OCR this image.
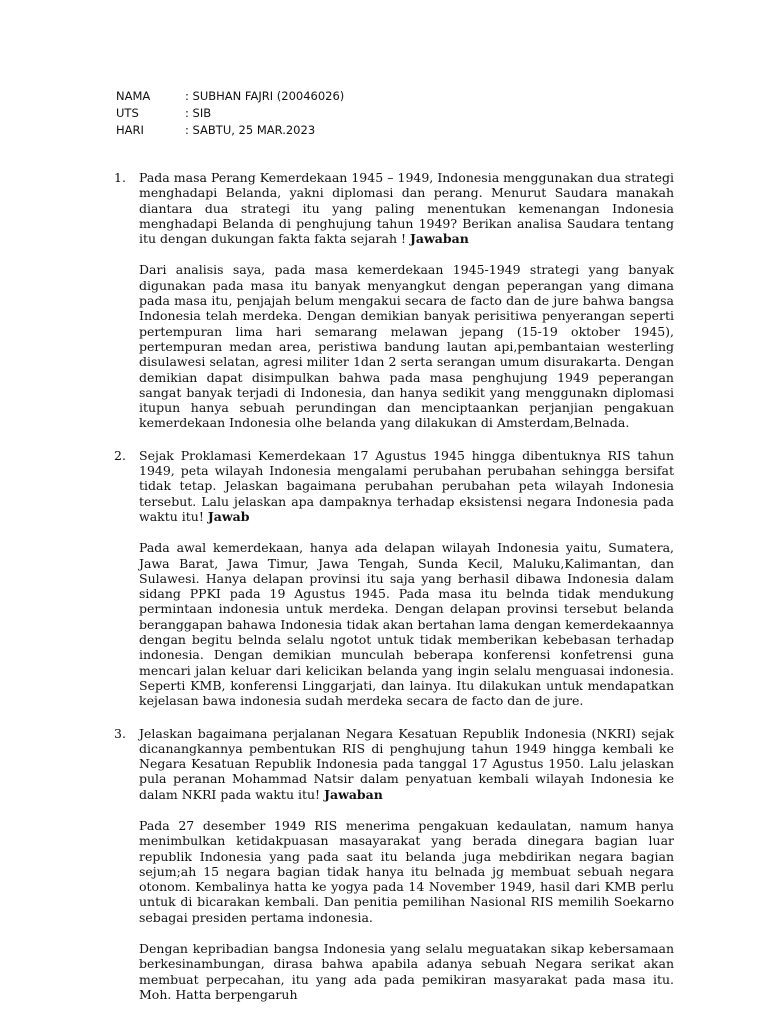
NAMA	: SUBHAN FAJRI (20046026)
UTS	: SIB
HARI	: SABTU, 25 MAR.2023
1. Pada masa Perang Kemerdekaan 1945 – 1949, Indonesia menggunakan dua strategi menghadapi Belanda, yakni diplomasi dan perang. Menurut Saudara manakah diantara dua strategi itu yang paling menentukan kemenangan Indonesia menghadapi Belanda di penghujung tahun 1949? Berikan analisa Saudara tentang itu dengan dukungan fakta fakta sejarah ! Jawaban

Dari analisis saya, pada masa kemerdekaan 1945-1949 strategi yang banyak digunakan pada masa itu banyak menyangkut dengan peperangan yang dimana pada masa itu, penjajah belum mengakui secara de facto dan de jure bahwa bangsa Indonesia telah merdeka. Dengan demikian banyak perisitiwa penyerangan seperti pertempuran lima hari semarang melawan jepang (15-19 oktober 1945), pertempuran medan area, peristiwa bandung lautan api,pembantaian westerling disulawesi selatan, agresi militer 1dan 2 serta serangan umum disurakarta. Dengan demikian dapat disimpulkan bahwa pada masa penghujung 1949 peperangan sangat banyak terjadi di Indonesia, dan hanya sedikit yang menggunakn diplomasi itupun hanya sebuah perundingan dan menciptaankan perjanjian pengakuan kemerdekaan Indonesia olhe belanda yang dilakukan di Amsterdam,Belnada.

2. Sejak Proklamasi Kemerdekaan 17 Agustus 1945 hingga dibentuknya RIS tahun 1949, peta wilayah Indonesia mengalami perubahan perubahan sehingga bersifat tidak tetap. Jelaskan bagaimana perubahan perubahan peta wilayah Indonesia tersebut. Lalu jelaskan apa dampaknya terhadap eksistensi negara Indonesia pada waktu itu! Jawab

Pada awal kemerdekaan, hanya ada delapan wilayah Indonesia yaitu, Sumatera, Jawa Barat, Jawa Timur, Jawa Tengah, Sunda Kecil, Maluku,Kalimantan, dan Sulawesi. Hanya delapan provinsi itu saja yang berhasil dibawa Indonesia dalam sidang PPKI pada 19 Agustus 1945. Pada masa itu belnda tidak mendukung permintaan indonesia untuk merdeka. Dengan delapan provinsi tersebut belanda beranggapan bahawa Indonesia tidak akan bertahan lama dengan kemerdekaannya dengan begitu belnda selalu ngotot untuk tidak memberikan kebebasan terhadap indonesia. Dengan demikian munculah beberapa konferensi konfetrensi guna mencari jalan keluar dari kelicikan belanda yang ingin selalu menguasai indonesia. Seperti KMB, konferensi Linggarjati, dan lainya. Itu dilakukan untuk mendapatkan kejelasan bawa indonesia sudah merdeka secara de facto dan de jure.

3. Jelaskan bagaimana perjalanan Negara Kesatuan Republik Indonesia (NKRI) sejak dicanangkannya pembentukan RIS di penghujung tahun 1949 hingga kembali ke Negara Kesatuan Republik Indonesia pada tanggal 17 Agustus 1950. Lalu jelaskan pula peranan Mohammad Natsir dalam penyatuan kembali wilayah Indonesia ke dalam NKRI pada waktu itu! Jawaban

Pada 27 desember 1949 RIS menerima pengakuan kedaulatan, namum hanya menimbulkan ketidakpuasan masayarakat yang berada dinegara bagian luar republik Indonesia yang pada saat itu belanda juga mebdirikan negara bagian sejum;ah 15 negara bagian tidak hanya itu belnada jg membuat sebuah negara otonom. Kembalinya hatta ke yogya pada 14 November 1949, hasil dari KMB perlu untuk di bicarakan kembali. Dan penitia pemilihan Nasional RIS memilih Soekarno sebagai presiden pertama indonesia.

Dengan kepribadian bangsa Indonesia yang selalu meguatakan sikap kebersamaan berkesinambungan, dirasa bahwa apabila adanya sebuah Negara serikat akan membuat perpecahan, itu yang ada pada pemikiran masyarakat pada masa itu. Moh. Hatta berpengaruh
